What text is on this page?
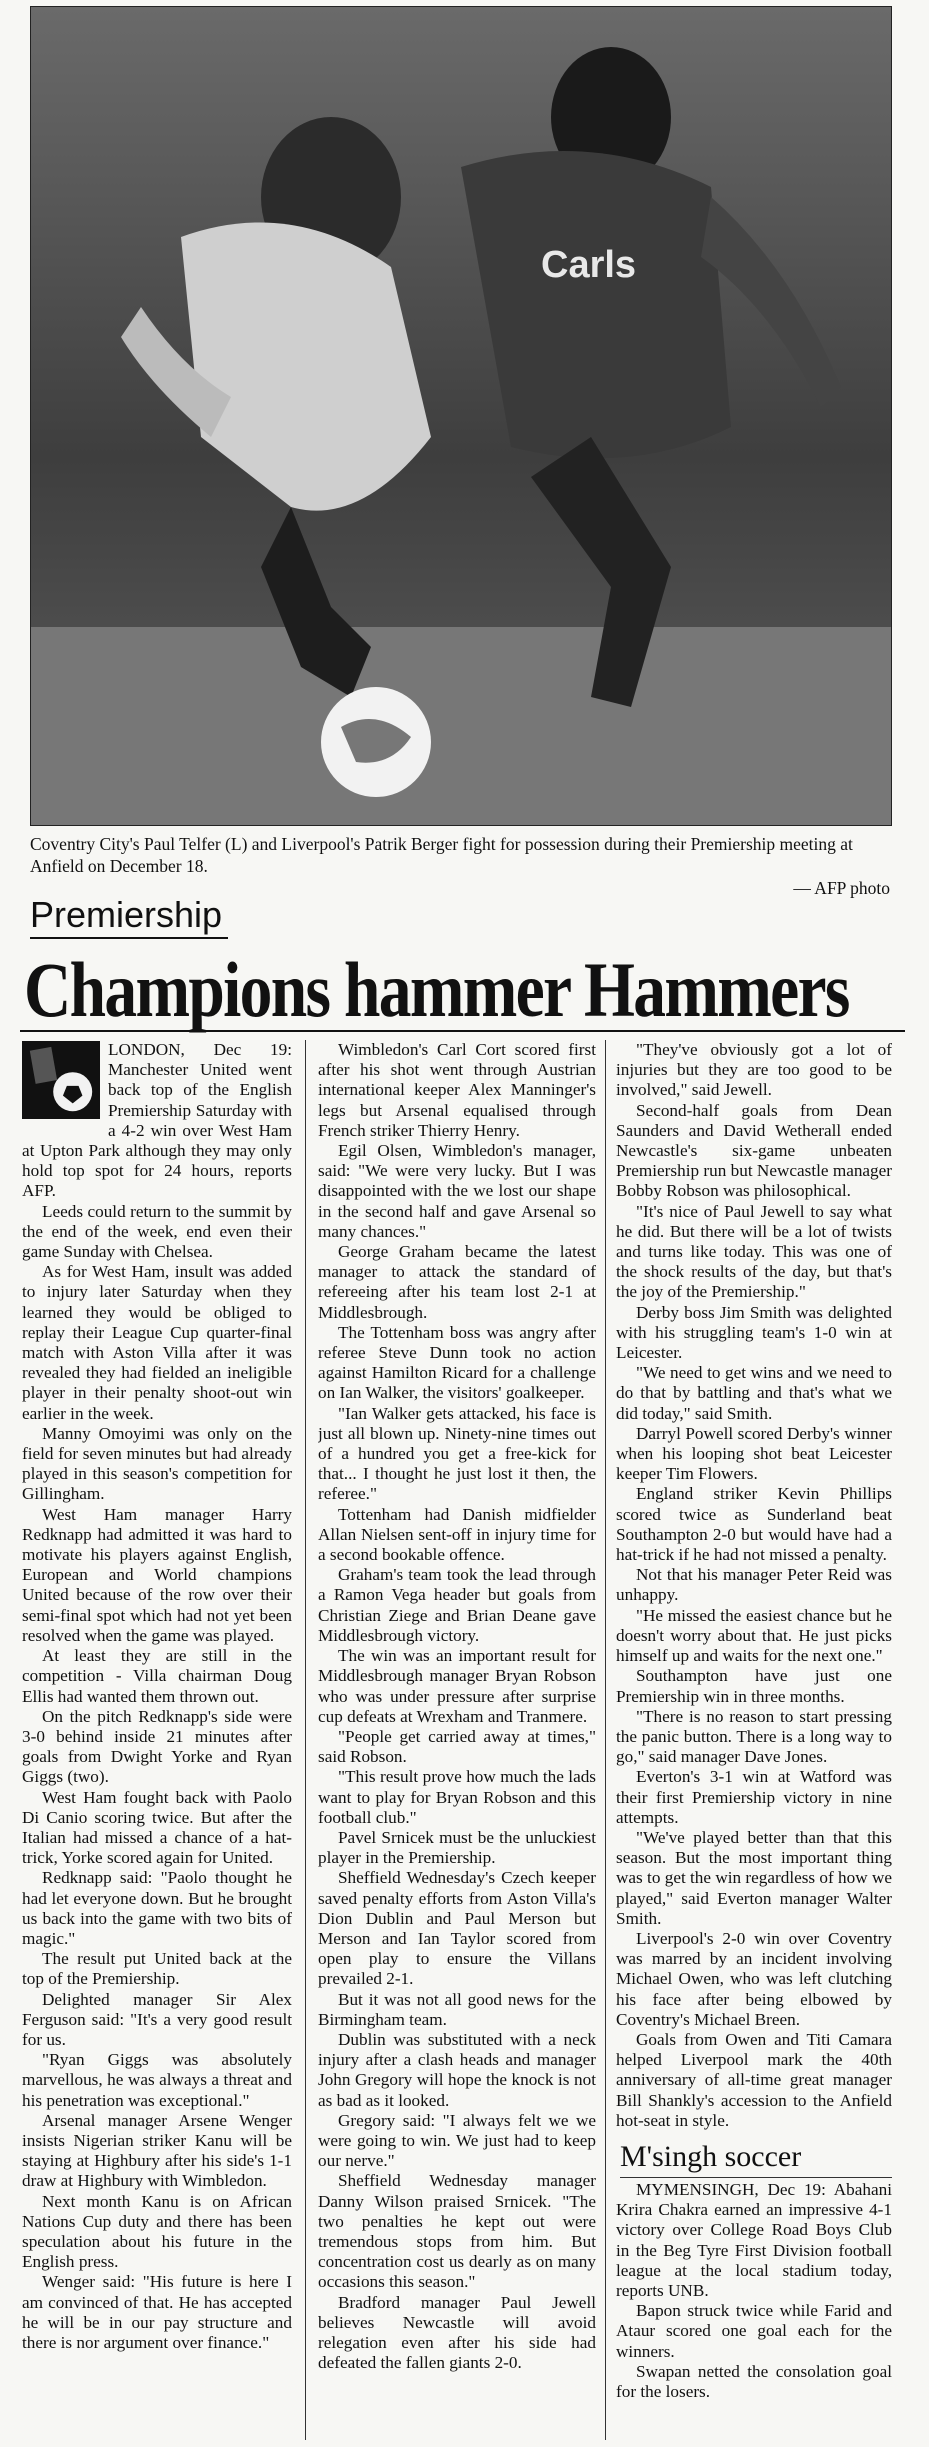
Carls
Coventry City's Paul Telfer (L) and Liverpool's Patrik Berger fight for possession during their Premiership meeting at Anfield on December 18.
— AFP photo
Premiership
Champions hammer Hammers

LONDON, Dec 19: Manchester United went back top of the English Premiership Saturday with a 4-2 win over West Ham at Upton Park although they may only hold top spot for 24 hours, reports AFP.

Leeds could return to the summit by the end of the week, end even their game Sunday with Chelsea.

As for West Ham, insult was added to injury later Saturday when they learned they would be obliged to replay their League Cup quarter-final match with Aston Villa after it was revealed they had fielded an ineligible player in their penalty shoot-out win earlier in the week.

Manny Omoyimi was only on the field for seven minutes but had already played in this season's competition for Gillingham.

West Ham manager Harry Redknapp had admitted it was hard to motivate his players against English, European and World champions United because of the row over their semi-final spot which had not yet been resolved when the game was played.

At least they are still in the competition - Villa chairman Doug Ellis had wanted them thrown out.

On the pitch Redknapp's side were 3-0 behind inside 21 minutes after goals from Dwight Yorke and Ryan Giggs (two).

West Ham fought back with Paolo Di Canio scoring twice. But after the Italian had missed a chance of a hat-trick, Yorke scored again for United.

Redknapp said: "Paolo thought he had let everyone down. But he brought us back into the game with two bits of magic."

The result put United back at the top of the Premiership.

Delighted manager Sir Alex Ferguson said: "It's a very good result for us.

"Ryan Giggs was absolutely marvellous, he was always a threat and his penetration was exceptional."

Arsenal manager Arsene Wenger insists Nigerian striker Kanu will be staying at Highbury after his side's 1-1 draw at Highbury with Wimbledon.

Next month Kanu is on African Nations Cup duty and there has been speculation about his future in the English press.

Wenger said: "His future is here I am convinced of that. He has accepted he will be in our pay structure and there is nor argument over finance."

Wimbledon's Carl Cort scored first after his shot went through Austrian international keeper Alex Manninger's legs but Arsenal equalised through French striker Thierry Henry.

Egil Olsen, Wimbledon's manager, said: "We were very lucky. But I was disappointed with the we lost our shape in the second half and gave Arsenal so many chances."

George Graham became the latest manager to attack the standard of refereeing after his team lost 2-1 at Middlesbrough.

The Tottenham boss was angry after referee Steve Dunn took no action against Hamilton Ricard for a challenge on Ian Walker, the visitors' goalkeeper.

"Ian Walker gets attacked, his face is just all blown up. Ninety-nine times out of a hundred you get a free-kick for that... I thought he just lost it then, the referee."

Tottenham had Danish midfielder Allan Nielsen sent-off in injury time for a second bookable offence.

Graham's team took the lead through a Ramon Vega header but goals from Christian Ziege and Brian Deane gave Middlesbrough victory.

The win was an important result for Middlesbrough manager Bryan Robson who was under pressure after surprise cup defeats at Wrexham and Tranmere.

"People get carried away at times," said Robson.

"This result prove how much the lads want to play for Bryan Robson and this football club."

Pavel Srnicek must be the unluckiest player in the Premiership.

Sheffield Wednesday's Czech keeper saved penalty efforts from Aston Villa's Dion Dublin and Paul Merson but Merson and Ian Taylor scored from open play to ensure the Villans prevailed 2-1.

But it was not all good news for the Birmingham team.

Dublin was substituted with a neck injury after a clash heads and manager John Gregory will hope the knock is not as bad as it looked.

Gregory said: "I always felt we we were going to win. We just had to keep our nerve."

Sheffield Wednesday manager Danny Wilson praised Srnicek. "The two penalties he kept out were tremendous stops from him. But concentration cost us dearly as on many occasions this season."

Bradford manager Paul Jewell believes Newcastle will avoid relegation even after his side had defeated the fallen giants 2-0.

"They've obviously got a lot of injuries but they are too good to be involved," said Jewell.

Second-half goals from Dean Saunders and David Wetherall ended Newcastle's six-game unbeaten Premiership run but Newcastle manager Bobby Robson was philosophical.

"It's nice of Paul Jewell to say what he did. But there will be a lot of twists and turns like today. This was one of the shock results of the day, but that's the joy of the Premiership."

Derby boss Jim Smith was delighted with his struggling team's 1-0 win at Leicester.

"We need to get wins and we need to do that by battling and that's what we did today," said Smith.

Darryl Powell scored Derby's winner when his looping shot beat Leicester keeper Tim Flowers.

England striker Kevin Phillips scored twice as Sunderland beat Southampton 2-0 but would have had a hat-trick if he had not missed a penalty.

Not that his manager Peter Reid was unhappy.

"He missed the easiest chance but he doesn't worry about that. He just picks himself up and waits for the next one."

Southampton have just one Premiership win in three months.

"There is no reason to start pressing the panic button. There is a long way to go," said manager Dave Jones.

Everton's 3-1 win at Watford was their first Premiership victory in nine attempts.

"We've played better than that this season. But the most important thing was to get the win regardless of how we played," said Everton manager Walter Smith.

Liverpool's 2-0 win over Coventry was marred by an incident involving Michael Owen, who was left clutching his face after being elbowed by Coventry's Michael Breen.

Goals from Owen and Titi Camara helped Liverpool mark the 40th anniversary of all-time great manager Bill Shankly's accession to the Anfield hot-seat in style.

M'singh soccer

MYMENSINGH, Dec 19: Abahani Krira Chakra earned an impressive 4-1 victory over College Road Boys Club in the Beg Tyre First Division football league at the local stadium today, reports UNB.

Bapon struck twice while Farid and Ataur scored one goal each for the winners.

Swapan netted the consolation goal for the losers.
